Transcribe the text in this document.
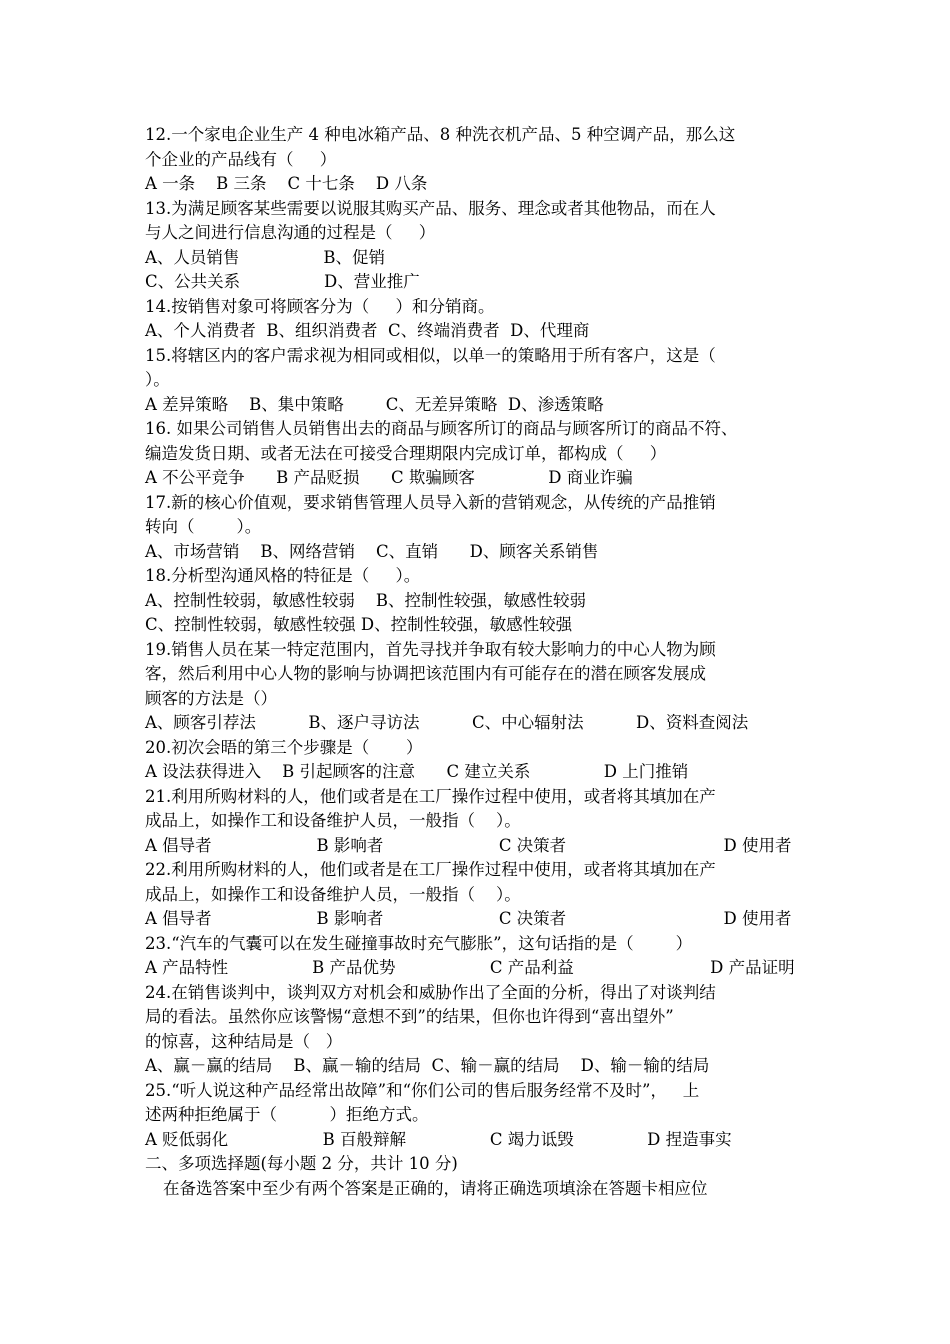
12.一个家电企业生产 4 种电冰箱产品、8 种洗衣机产品、5 种空调产品，那么这
个企业的产品线有（     ）
A 一条    B 三条    C 十七条    D 八条
13.为满足顾客某些需要以说服其购买产品、服务、理念或者其他物品，而在人
与人之间进行信息沟通的过程是（     ）
A、人员销售                B、促销
C、公共关系                D、营业推广
14.按销售对象可将顾客分为（     ）和分销商。
A、个人消费者  B、组织消费者  C、终端消费者  D、代理商
15.将辖区内的客户需求视为相同或相似，以单一的策略用于所有客户，这是（
）。
A 差异策略    B、集中策略        C、无差异策略  D、渗透策略
16. 如果公司销售人员销售出去的商品与顾客所订的商品与顾客所订的商品不符、
编造发货日期、或者无法在可接受合理期限内完成订单，都构成（     ）
A 不公平竞争      B 产品贬损      C 欺骗顾客              D 商业诈骗
17.新的核心价值观，要求销售管理人员导入新的营销观念，从传统的产品推销
转向（        ）。
A、市场营销    B、网络营销    C、直销      D、顾客关系销售
18.分析型沟通风格的特征是（     ）。
A、控制性较弱，敏感性较弱    B、控制性较强，敏感性较弱
C、控制性较弱，敏感性较强 D、控制性较强，敏感性较强
19.销售人员在某一特定范围内，首先寻找并争取有较大影响力的中心人物为顾
客，然后利用中心人物的影响与协调把该范围内有可能存在的潜在顾客发展成
顾客的方法是（）
A、顾客引荐法          B、逐户寻访法          C、中心辐射法          D、资料查阅法
20.初次会晤的第三个步骤是（       ）
A 设法获得进入    B 引起顾客的注意      C 建立关系              D 上门推销
21.利用所购材料的人，他们或者是在工厂操作过程中使用，或者将其填加在产
成品上，如操作工和设备维护人员，一般指（    ）。
A 倡导者                    B 影响者                      C 决策者                              D 使用者
22.利用所购材料的人，他们或者是在工厂操作过程中使用，或者将其填加在产
成品上，如操作工和设备维护人员，一般指（    ）。
A 倡导者                    B 影响者                      C 决策者                              D 使用者
23.“汽车的气囊可以在发生碰撞事故时充气膨胀”，这句话指的是（        ）
A 产品特性                B 产品优势                  C 产品利益                          D 产品证明
24.在销售谈判中，谈判双方对机会和威胁作出了全面的分析，得出了对谈判结
局的看法。虽然你应该警惕“意想不到”的结果，但你也许得到“喜出望外”
的惊喜，这种结局是（   ）
A、赢－赢的结局    B、赢－输的结局  C、输－赢的结局    D、输－输的结局
25.“听人说这种产品经常出故障”和“你们公司的售后服务经常不及时”，   上
述两种拒绝属于（          ）拒绝方式。
A 贬低弱化                  B 百般辩解                C 竭力诋毁              D 捏造事实
二、多项选择题(每小题 2 分，共计 10 分)
在备选答案中至少有两个答案是正确的，请将正确选项填涂在答题卡相应位
